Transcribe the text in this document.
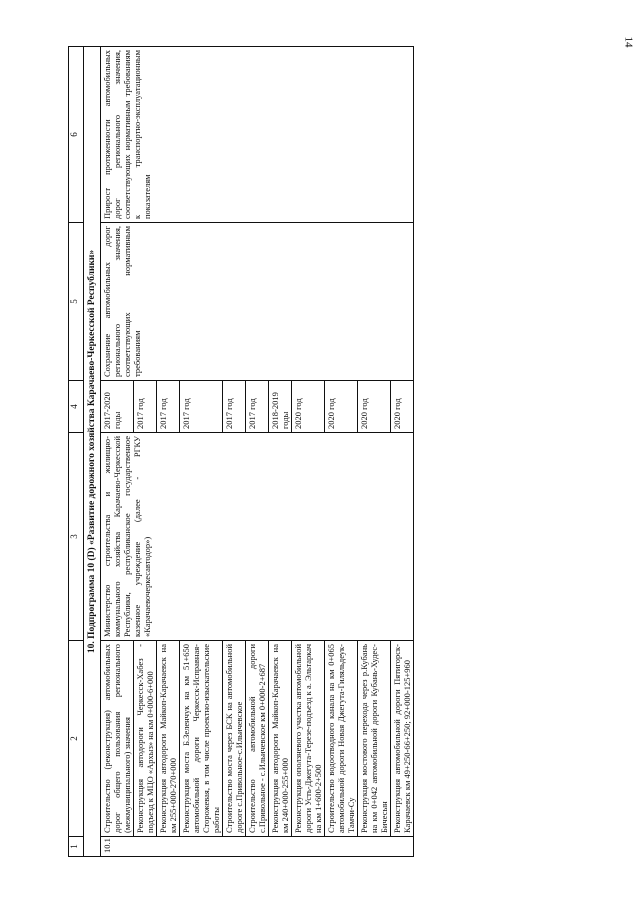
14
1	2	3	4	5	6
10. Подпрограмма 10 (D) «Развитие дорожного хозяйства Карачаево-Черкесской Республики»					
10.1	Строительство (реконструкция) автомобильных дорог общего пользования регионального (межмуниципального) значения	Министерство строительства и жилищно-коммунального хозяйства Карачаево-Черкесской Республики, республиканское государственное казенное учреждение (далее - РГКУ «Карачаевочеркесавтодор»)	2017-2020 годы	Сохранение автомобильных дорог регионального значения, соответствующих нормативным требованиям	Прирост протяженности автомобильных дорог регионального значения, соответствующих нормативным требованиям к транспортно-эксплуатационным показателям
	Реконструкция автодороги Черкесск-Хабез - подъезд к МЦО «Архыз» на км 0+000-6+000		2017 год		
	Реконструкция автодороги Майкоп-Карачаевск на км 255+000-270+000		2017 год		
	Реконструкция моста Б.Зеленчук на км 51+650 автомобильной дороги Черкесск-Исправная-Сторожевая, в том числе проектно-изыскательские работы		2017 год		
	Строительство моста через БСК на автомобильной дороге с.Привольное-с.Ильичевское		2017 год		
	Строительство автомобильной дороги с.Привольное - с.Ильичевское км 0+000-2+687		2017 год		
	Реконструкция автодороги Майкоп-Карачаевск на км 240+000-255+000		2018-2019 годы		
	Реконструкция оползневого участка автомобильной дороги Усть-Джегута-Терезе-подъезд к а. Эльтаркач на км 1+600-2+500		2020 год		
	Строительство водоотводного канала на км 0+065 автомобильной дороги Новая Джегута-Гиляльдеук-Тамчи-Су		2020 год		
	Реконструкция мостового перехода через р.Кубань на км 0+042 автомобильной дороги Кубань-Худес-Бичесын		2020 год		
	Реконструкция автомобильной дороги Пятигорск-Карачаевск км 49+250-66+250; 92+000-125+960		2020 год		
